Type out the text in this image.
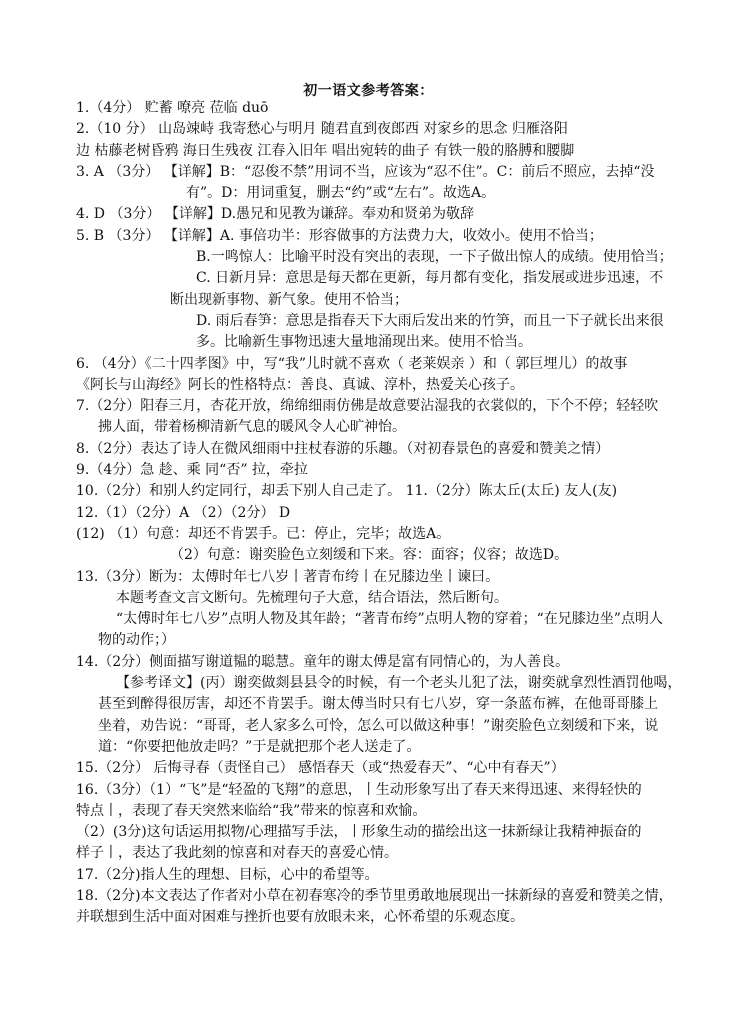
初一语文参考答案：
1.（4分） 贮蓄 嘹亮 莅临 duō
2.（10 分） 山岛竦峙 我寄愁心与明月 随君直到夜郎西 对家乡的思念 归雁洛阳
边 枯藤老树昏鸦 海日生残夜 江春入旧年 唱出宛转的曲子 有铁一般的胳膊和腰脚
3. A （3分） 【详解】B：“忍俊不禁”用词不当，应该为“忍不住”。C：前后不照应，去掉“没
有”。D：用词重复，删去“约”或“左右”。故选A。
4. D （3分） 【详解】D.愚兄和见教为谦辞。奉劝和贤弟为敬辞
5. B （3分） 【详解】A. 事倍功半：形容做事的方法费力大，收效小。使用不恰当；
B.一鸣惊人：比喻平时没有突出的表现，一下子做出惊人的成绩。使用恰当；
C. 日新月异：意思是每天都在更新，每月都有变化，指发展或进步迅速，不
断出现新事物、新气象。使用不恰当；
D. 雨后春笋：意思是指春天下大雨后发出来的竹笋，而且一下子就长出来很
多。比喻新生事物迅速大量地涌现出来。使用不恰当。
6. （4分）《二十四孝图》中，写“我”儿时就不喜欢（ 老莱娱亲 ）和（ 郭巨埋儿）的故事
《阿长与山海经》阿长的性格特点：善良、真诚、淳朴，热爱关心孩子。
7.（2分）阳春三月，杏花开放，绵绵细雨仿佛是故意要沾湿我的衣裳似的，下个不停；轻轻吹
拂人面，带着杨柳清新气息的暖风令人心旷神怡。
8.（2分）表达了诗人在微风细雨中拄杖春游的乐趣。（对初春景色的喜爱和赞美之情）
9.（4分）急 趁、乘 同“否” 拉，牵拉
10.（2分）和别人约定同行，却丢下别人自己走了。 11.（2分）陈太丘(太丘) 友人(友)
12.（1）（2分）A （2）（2分） D
(12) （1）句意：却还不肯罢手。已：停止，完毕；故选A。
（2）句意：谢奕脸色立刻缓和下来。容：面容；仪容；故选D。
13.（3分）断为：太傅时年七八岁丨著青布绔丨在兄膝边坐丨谏曰。
本题考查文言文断句。先梳理句子大意，结合语法，然后断句。
“太傅时年七八岁”点明人物及其年龄；“著青布绔”点明人物的穿着；“在兄膝边坐”点明人
物的动作；）
14.（2分）侧面描写谢道韫的聪慧。童年的谢太傅是富有同情心的，为人善良。
【参考译文】(丙）谢奕做剡县县令的时候，有一个老头儿犯了法，谢奕就拿烈性酒罚他喝，
甚至到醉得很厉害，却还不肯罢手。谢太傅当时只有七八岁，穿一条蓝布裤，在他哥哥膝上
坐着，劝告说：“哥哥，老人家多么可怜，怎么可以做这种事！”谢奕脸色立刻缓和下来，说
道：“你要把他放走吗？”于是就把那个老人送走了。
15.（2分） 后悔寻春（责怪自己） 感悟春天（或“热爱春天”、“心中有春天”）
16.（3分）（1）“飞”是“轻盈的飞翔”的意思，丨生动形象写出了春天来得迅速、来得轻快的
特点丨，表现了春天突然来临给“我”带来的惊喜和欢愉。
（2）(3分)这句话运用拟物/心理描写手法，丨形象生动的描绘出这一抹新绿让我精神振奋的
样子丨，表达了我此刻的惊喜和对春天的喜爱心情。
17.（2分)指人生的理想、目标，心中的希望等。
18.（2分)本文表达了作者对小草在初春寒冷的季节里勇敢地展现出一抹新绿的喜爱和赞美之情，
并联想到生活中面对困难与挫折也要有放眼未来，心怀希望的乐观态度。
